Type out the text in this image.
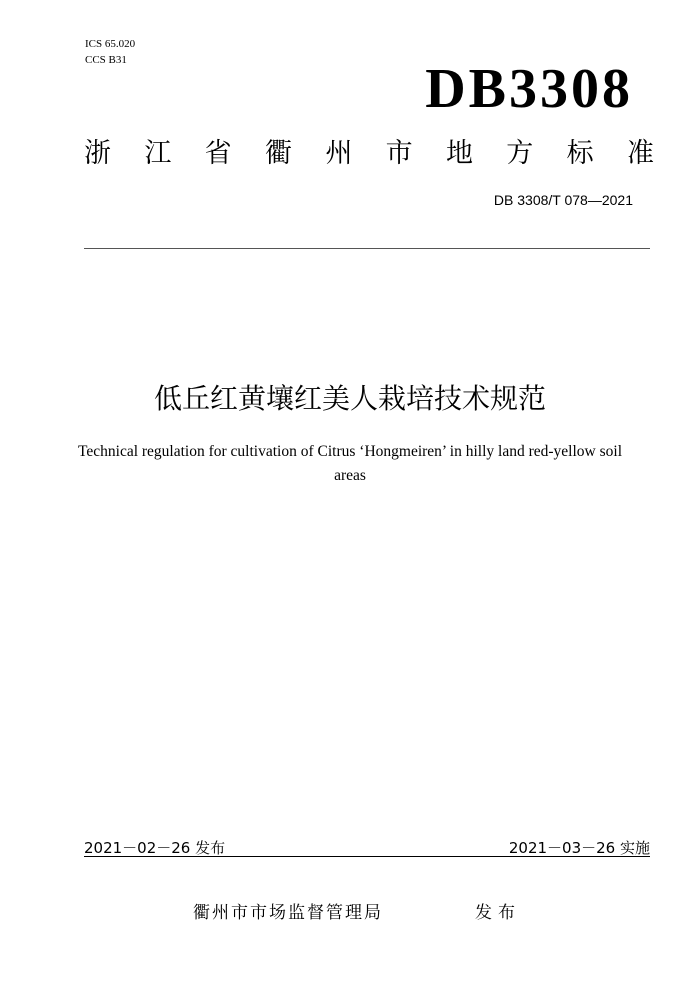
ICS 65.020
CCS B31	DB3308
浙 江 省 衢 州 市 地 方 标 准
DB 3308/T 078—2021
低丘红黄壤红美人栽培技术规范
Technical regulation for cultivation of Citrus ‘Hongmeiren’ in hilly land red-yellow soil areas
2021－02－26 发布	2021－03－26 实施
衢州市市场监督管理局	发布
